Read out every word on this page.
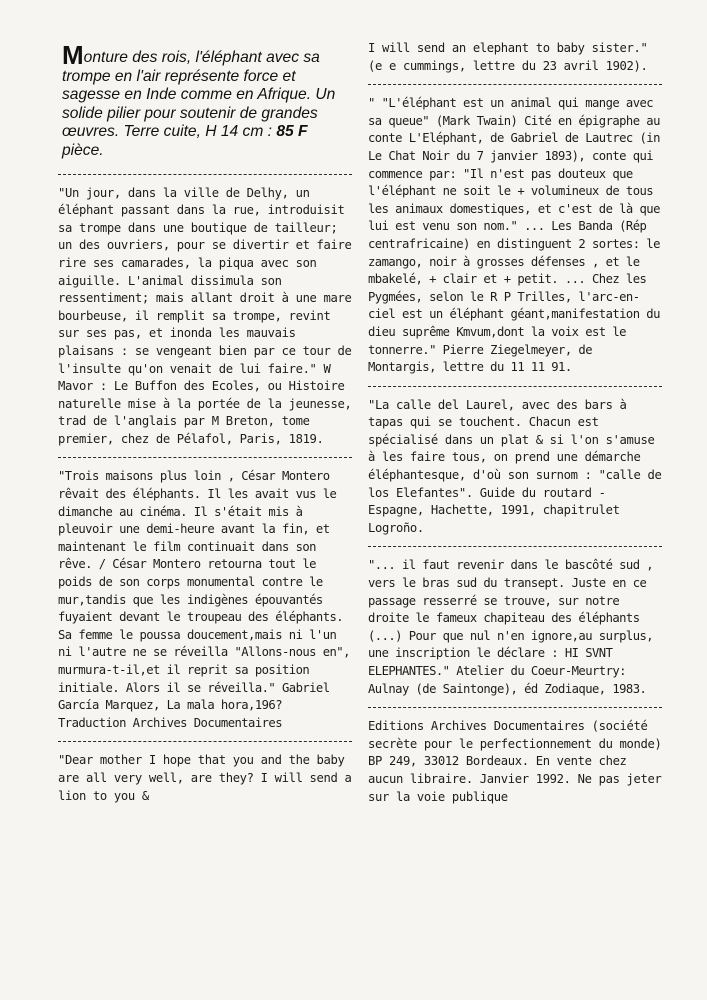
Monture des rois, l'éléphant avec sa trompe en l'air représente force et sagesse en Inde comme en Afrique. Un solide pilier pour soutenir de grandes œuvres. Terre cuite, H 14 cm : 85 F pièce.

"Un jour, dans la ville de Delhy, un éléphant passant dans la rue, introduisit sa trompe dans une boutique de tailleur; un des ouvriers, pour se divertir et faire rire ses camarades, la piqua avec son aiguille. L'animal dissimula son ressentiment; mais allant droit à une mare bourbeuse, il remplit sa trompe, revint sur ses pas, et inonda les mauvais plaisans : se vengeant bien par ce tour de l'insulte qu'on venait de lui faire." W Mavor : Le Buffon des Ecoles, ou Histoire naturelle mise à la portée de la jeunesse, trad de l'anglais par M Breton, tome premier, chez de Pélafol, Paris, 1819.

"Trois maisons plus loin , César Montero rêvait des éléphants. Il les avait vus le dimanche au cinéma. Il s'était mis à pleuvoir une demi-heure avant la fin, et maintenant le film continuait dans son rêve. / César Montero retourna tout le poids de son corps monumental contre le mur,tandis que les indigènes épouvantés fuyaient devant le troupeau des éléphants. Sa femme le poussa doucement,mais ni l'un ni l'autre ne se réveilla "Allons-nous en", murmura-t-il,et il reprit sa position initiale. Alors il se réveilla." Gabriel García Marquez, La mala hora,196? Traduction Archives Documentaires

"Dear mother I hope that you and the baby are all very well, are they? I will send a lion to you &

I will send an elephant to baby sister." (e e cummings, lettre du 23 avril 1902).

" "L'éléphant est un animal qui mange avec sa queue" (Mark Twain) Cité en épigraphe au conte L'Eléphant, de Gabriel de Lautrec (in Le Chat Noir du 7 janvier 1893), conte qui commence par: "Il n'est pas douteux que l'éléphant ne soit le + volumineux de tous les animaux domestiques, et c'est de là que lui est venu son nom." ... Les Banda (Rép centrafricaine) en distinguent 2 sortes: le zamango, noir à grosses défenses , et le mbakelé, + clair et + petit. ... Chez les Pygmées, selon le R P Trilles, l'arc-en-ciel est un éléphant géant,manifestation du dieu suprême Kmvum,dont la voix est le tonnerre." Pierre Ziegelmeyer, de Montargis, lettre du 11 11 91.

"La calle del Laurel, avec des bars à tapas qui se touchent. Chacun est spécialisé dans un plat & si l'on s'amuse à les faire tous, on prend une démarche éléphantesque, d'où son surnom : "calle de los Elefantes". Guide du routard - Espagne, Hachette, 1991, chapitrulet Logroño.

"... il faut revenir dans le bascôté sud , vers le bras sud du transept. Juste en ce passage resserré se trouve, sur notre droite le fameux chapiteau des éléphants (...) Pour que nul n'en ignore,au surplus, une inscription le déclare : HI SVNT ELEPHANTES." Atelier du Coeur-Meurtry: Aulnay (de Saintonge), éd Zodiaque, 1983.

Editions Archives Documentaires (société secrète pour le perfectionnement du monde) BP 249, 33012 Bordeaux. En vente chez aucun libraire. Janvier 1992. Ne pas jeter sur la voie publique
